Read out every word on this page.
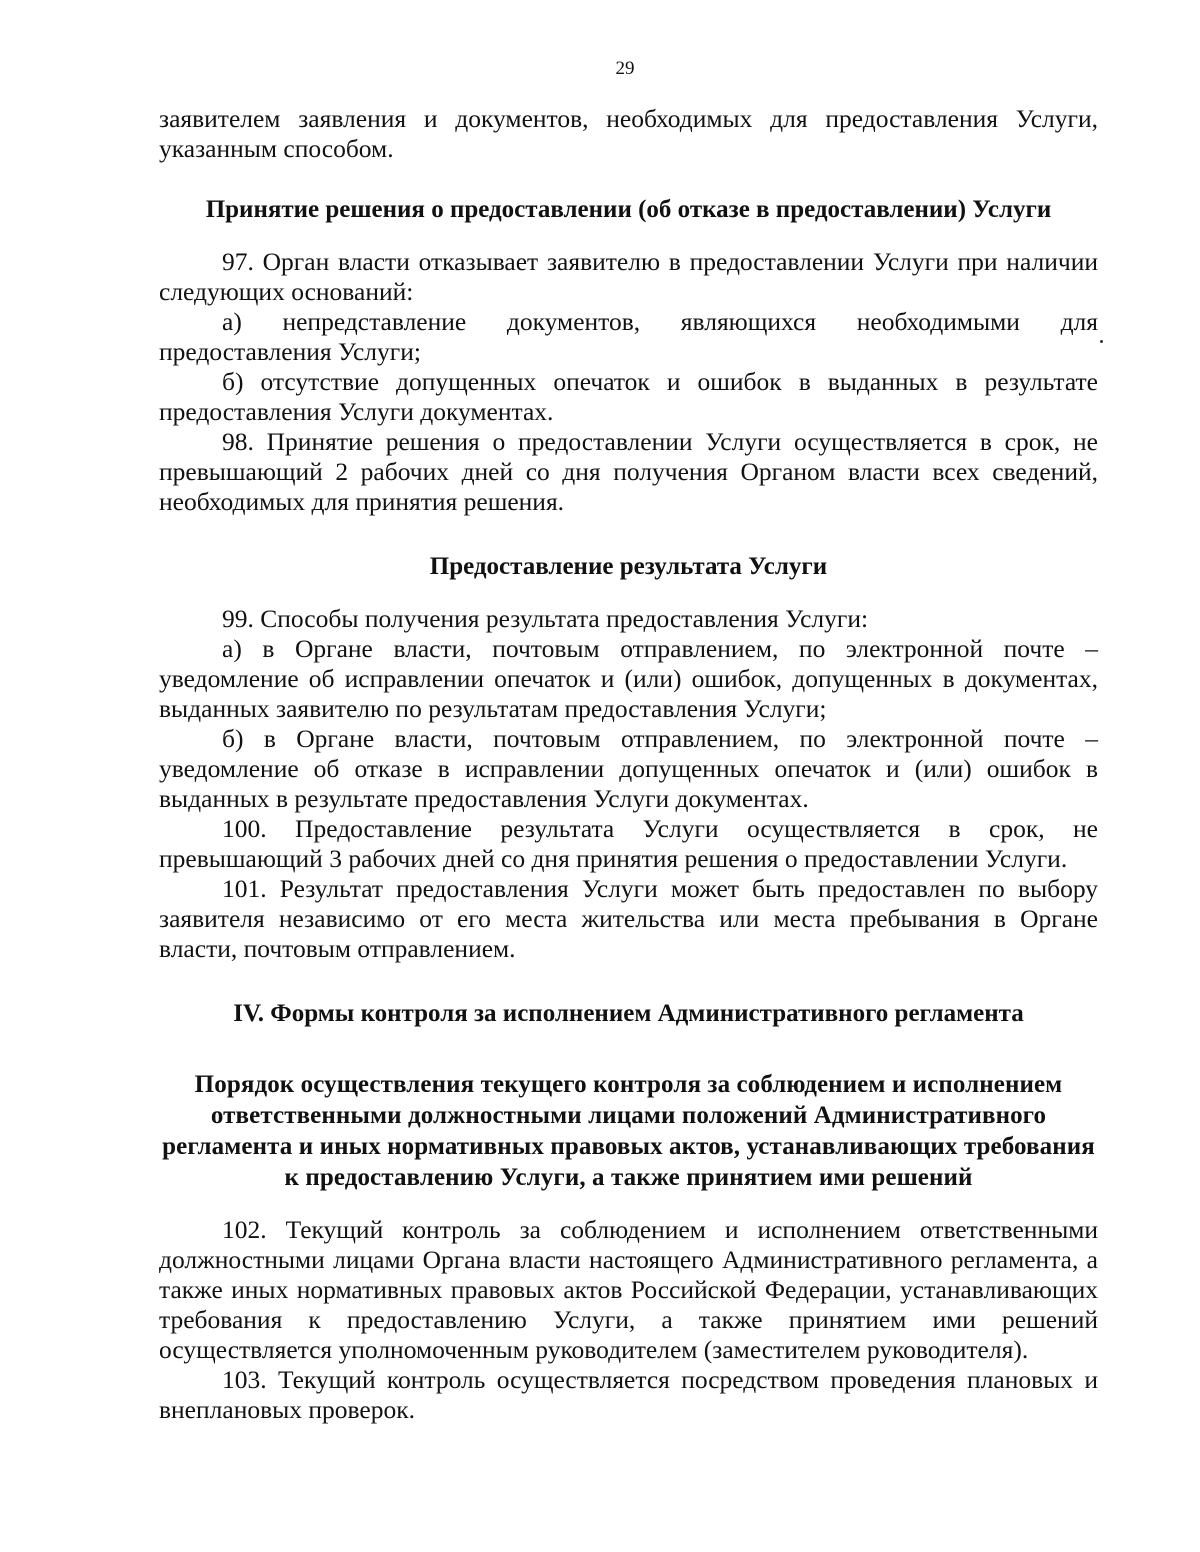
29

заявителем заявления и документов, необходимых для предоставления Услуги, указанным способом.

Принятие решения о предоставлении (об отказе в предоставлении) Услуги

97. Орган власти отказывает заявителю в предоставлении Услуги при наличии следующих оснований:

а) непредставление документов, являющихся необходимыми для предоставления Услуги;

б) отсутствие допущенных опечаток и ошибок в выданных в результате предоставления Услуги документах.

98. Принятие решения о предоставлении Услуги осуществляется в срок, не превышающий 2 рабочих дней со дня получения Органом власти всех сведений, необходимых для принятия решения.

Предоставление результата Услуги

99. Способы получения результата предоставления Услуги:

а) в Органе власти, почтовым отправлением, по электронной почте – уведомление об исправлении опечаток и (или) ошибок, допущенных в документах, выданных заявителю по результатам предоставления Услуги;

б) в Органе власти, почтовым отправлением, по электронной почте – уведомление об отказе в исправлении допущенных опечаток и (или) ошибок в выданных в результате предоставления Услуги документах.

100. Предоставление результата Услуги осуществляется в срок, не превышающий 3 рабочих дней со дня принятия решения о предоставлении Услуги.

101. Результат предоставления Услуги может быть предоставлен по выбору заявителя независимо от его места жительства или места пребывания в Органе власти, почтовым отправлением.

IV. Формы контроля за исполнением Административного регламента
Порядок осуществления текущего контроля за соблюдением и исполнением ответственными должностными лицами положений Административного регламента и иных нормативных правовых актов, устанавливающих требования к предоставлению Услуги, а также принятием ими решений

102. Текущий контроль за соблюдением и исполнением ответственными должностными лицами Органа власти настоящего Административного регламента, а также иных нормативных правовых актов Российской Федерации, устанавливающих требования к предоставлению Услуги, а также принятием ими решений осуществляется уполномоченным руководителем (заместителем руководителя).

103. Текущий контроль осуществляется посредством проведения плановых и внеплановых проверок.
